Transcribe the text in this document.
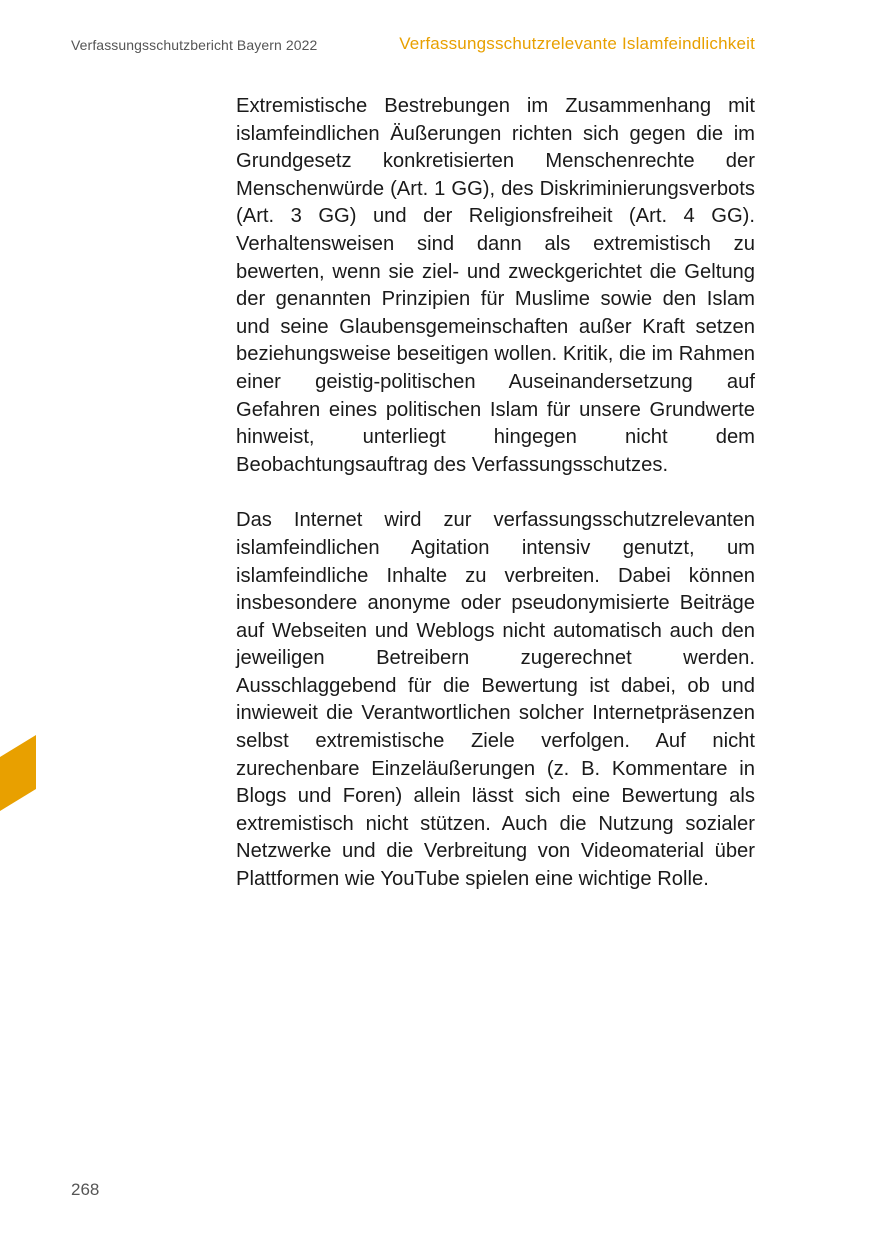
Verfassungsschutzbericht Bayern 2022	Verfassungsschutzrelevante Islamfeindlichkeit

Extremistische Bestrebungen im Zusammenhang mit islamfeindlichen Äußerungen richten sich gegen die im Grundgesetz konkretisierten Menschenrechte der Menschenwürde (Art. 1 GG), des Diskriminierungsverbots (Art. 3 GG) und der Religionsfreiheit (Art. 4 GG). Verhaltensweisen sind dann als extremistisch zu bewerten, wenn sie ziel- und zweckgerichtet die Geltung der genannten Prinzipien für Muslime sowie den Islam und seine Glaubensgemeinschaften außer Kraft setzen beziehungsweise beseitigen wollen. Kritik, die im Rahmen einer geistig-politischen Auseinandersetzung auf Gefahren eines politischen Islam für unsere Grundwerte hinweist, unterliegt hingegen nicht dem Beobachtungsauftrag des Verfassungsschutzes.

Das Internet wird zur verfassungsschutzrelevanten islamfeindlichen Agitation intensiv genutzt, um islamfeindliche Inhalte zu verbreiten. Dabei können insbesondere anonyme oder pseudonymisierte Beiträge auf Webseiten und Weblogs nicht automatisch auch den jeweiligen Betreibern zugerechnet werden. Ausschlaggebend für die Bewertung ist dabei, ob und inwieweit die Verantwortlichen solcher Internetpräsenzen selbst extremistische Ziele verfolgen. Auf nicht zurechenbare Einzeläußerungen (z. B. Kommentare in Blogs und Foren) allein lässt sich eine Bewertung als extremistisch nicht stützen. Auch die Nutzung sozialer Netzwerke und die Verbreitung von Videomaterial über Plattformen wie YouTube spielen eine wichtige Rolle.

268
